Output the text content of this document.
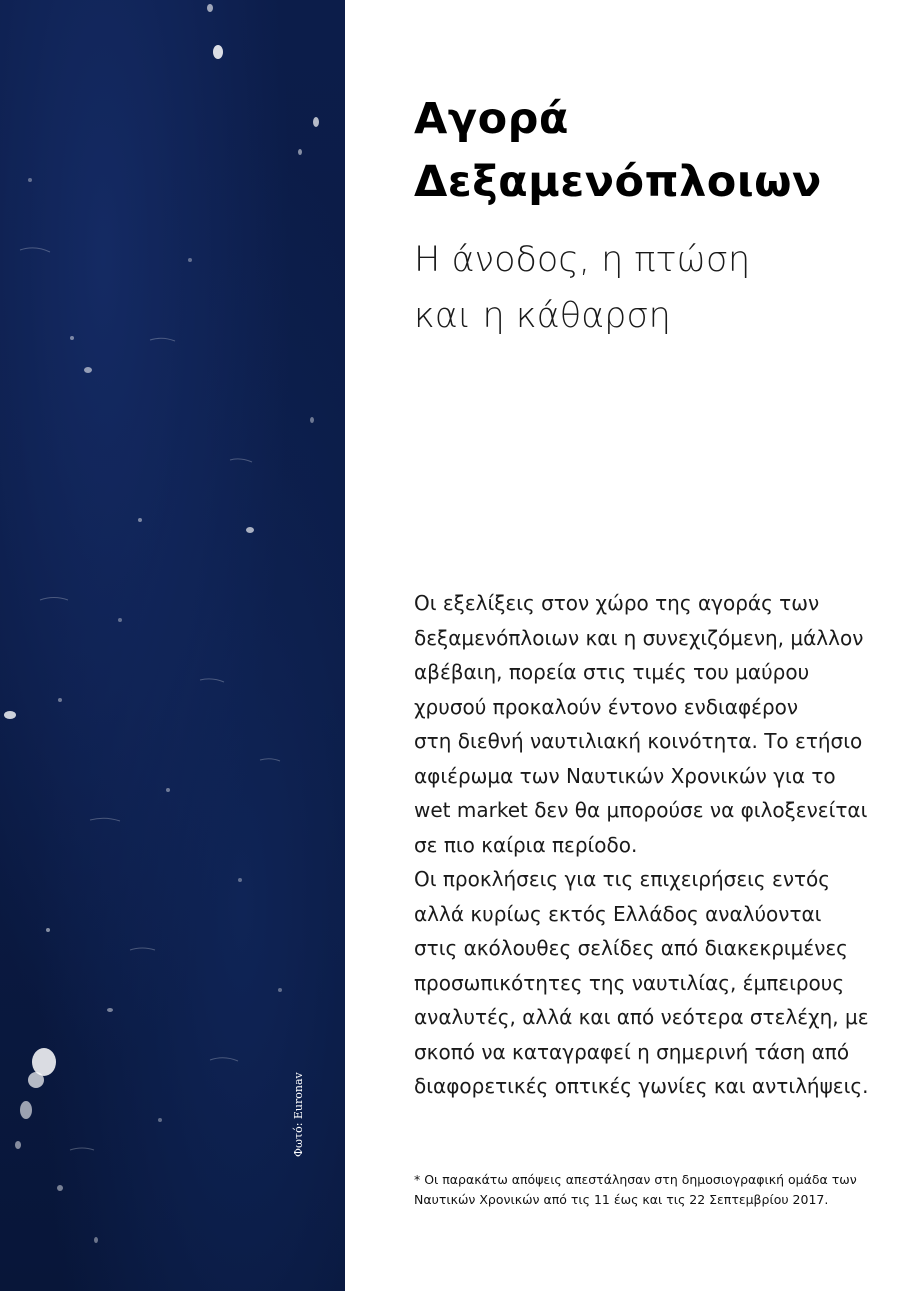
Φωτό: Euronav
Αγορά
Δεξαμενόπλοιων
Η άνοδος, η πτώση
και η κάθαρση
Οι εξελίξεις στον χώρο της αγοράς των
δεξαμενόπλοιων και η συνεχιζόμενη, μάλλον
αβέβαιη, πορεία στις τιμές του μαύρου
χρυσού προκαλούν έντονο ενδιαφέρον
στη διεθνή ναυτιλιακή κοινότητα. Το ετήσιο
αφιέρωμα των Ναυτικών Χρονικών για το
wet market δεν θα μπορούσε να φιλοξενείται
σε πιο καίρια περίοδο.
Οι προκλήσεις για τις επιχειρήσεις εντός
αλλά κυρίως εκτός Ελλάδος αναλύονται
στις ακόλουθες σελίδες από διακεκριμένες
προσωπικότητες της ναυτιλίας, έμπειρους
αναλυτές, αλλά και από νεότερα στελέχη, με
σκοπό να καταγραφεί η σημερινή τάση από
διαφορετικές οπτικές γωνίες και αντιλήψεις.
* Οι παρακάτω απόψεις απεστάλησαν στη δημοσιογραφική ομάδα των
Ναυτικών Χρονικών από τις 11 έως και τις 22 Σεπτεμβρίου 2017.
